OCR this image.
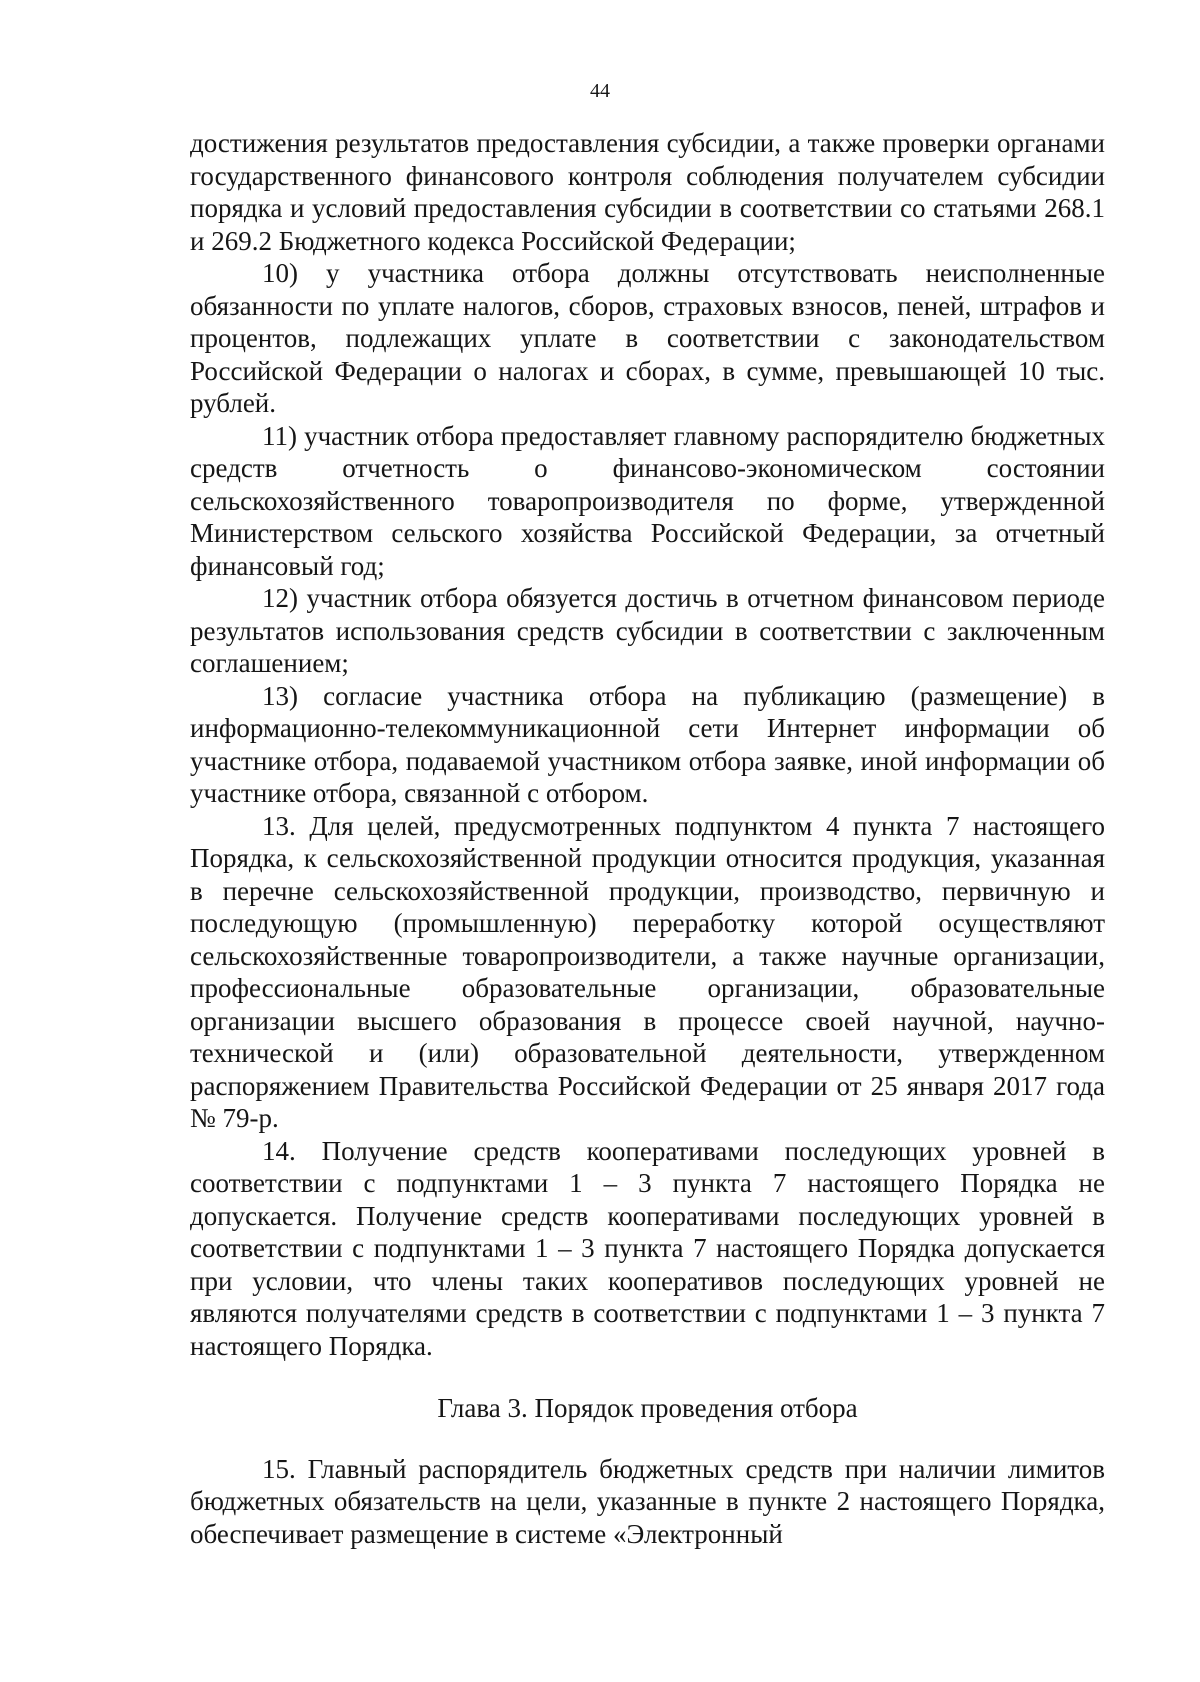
44

достижения результатов предоставления субсидии, а также проверки органами государственного финансового контроля соблюдения получателем субсидии порядка и условий предоставления субсидии в соответствии со статьями 268.1 и 269.2 Бюджетного кодекса Российской Федерации;

10) у участника отбора должны отсутствовать неисполненные обязанности по уплате налогов, сборов, страховых взносов, пеней, штрафов и процентов, подлежащих уплате в соответствии с законодательством Российской Федерации о налогах и сборах, в сумме, превышающей 10 тыс. рублей.

11) участник отбора предоставляет главному распорядителю бюджетных средств отчетность о финансово-экономическом состоянии сельскохозяйственного товаропроизводителя по форме, утвержденной Министерством сельского хозяйства Российской Федерации, за отчетный финансовый год;

12) участник отбора обязуется достичь в отчетном финансовом периоде результатов использования средств субсидии в соответствии с заключенным соглашением;

13) согласие участника отбора на публикацию (размещение) в информационно-телекоммуникационной сети Интернет информации об участнике отбора, подаваемой участником отбора заявке, иной информации об участнике отбора, связанной с отбором.

13. Для целей, предусмотренных подпунктом 4 пункта 7 настоящего Порядка, к сельскохозяйственной продукции относится продукция, указанная в перечне сельскохозяйственной продукции, производство, первичную и последующую (промышленную) переработку которой осуществляют сельскохозяйственные товаропроизводители, а также научные организации, профессиональные образовательные организации, образовательные организации высшего образования в процессе своей научной, научно-технической и (или) образовательной деятельности, утвержденном распоряжением Правительства Российской Федерации от 25 января 2017 года № 79-р.

14. Получение средств кооперативами последующих уровней в соответствии с подпунктами 1 – 3 пункта 7 настоящего Порядка не допускается. Получение средств кооперативами последующих уровней в соответствии с подпунктами 1 – 3 пункта 7 настоящего Порядка допускается при условии, что члены таких кооперативов последующих уровней не являются получателями средств в соответствии с подпунктами 1 – 3 пункта 7 настоящего Порядка.

Глава 3. Порядок проведения отбора

15. Главный распорядитель бюджетных средств при наличии лимитов бюджетных обязательств на цели, указанные в пункте 2 настоящего Порядка, обеспечивает размещение в системе «Электронный
